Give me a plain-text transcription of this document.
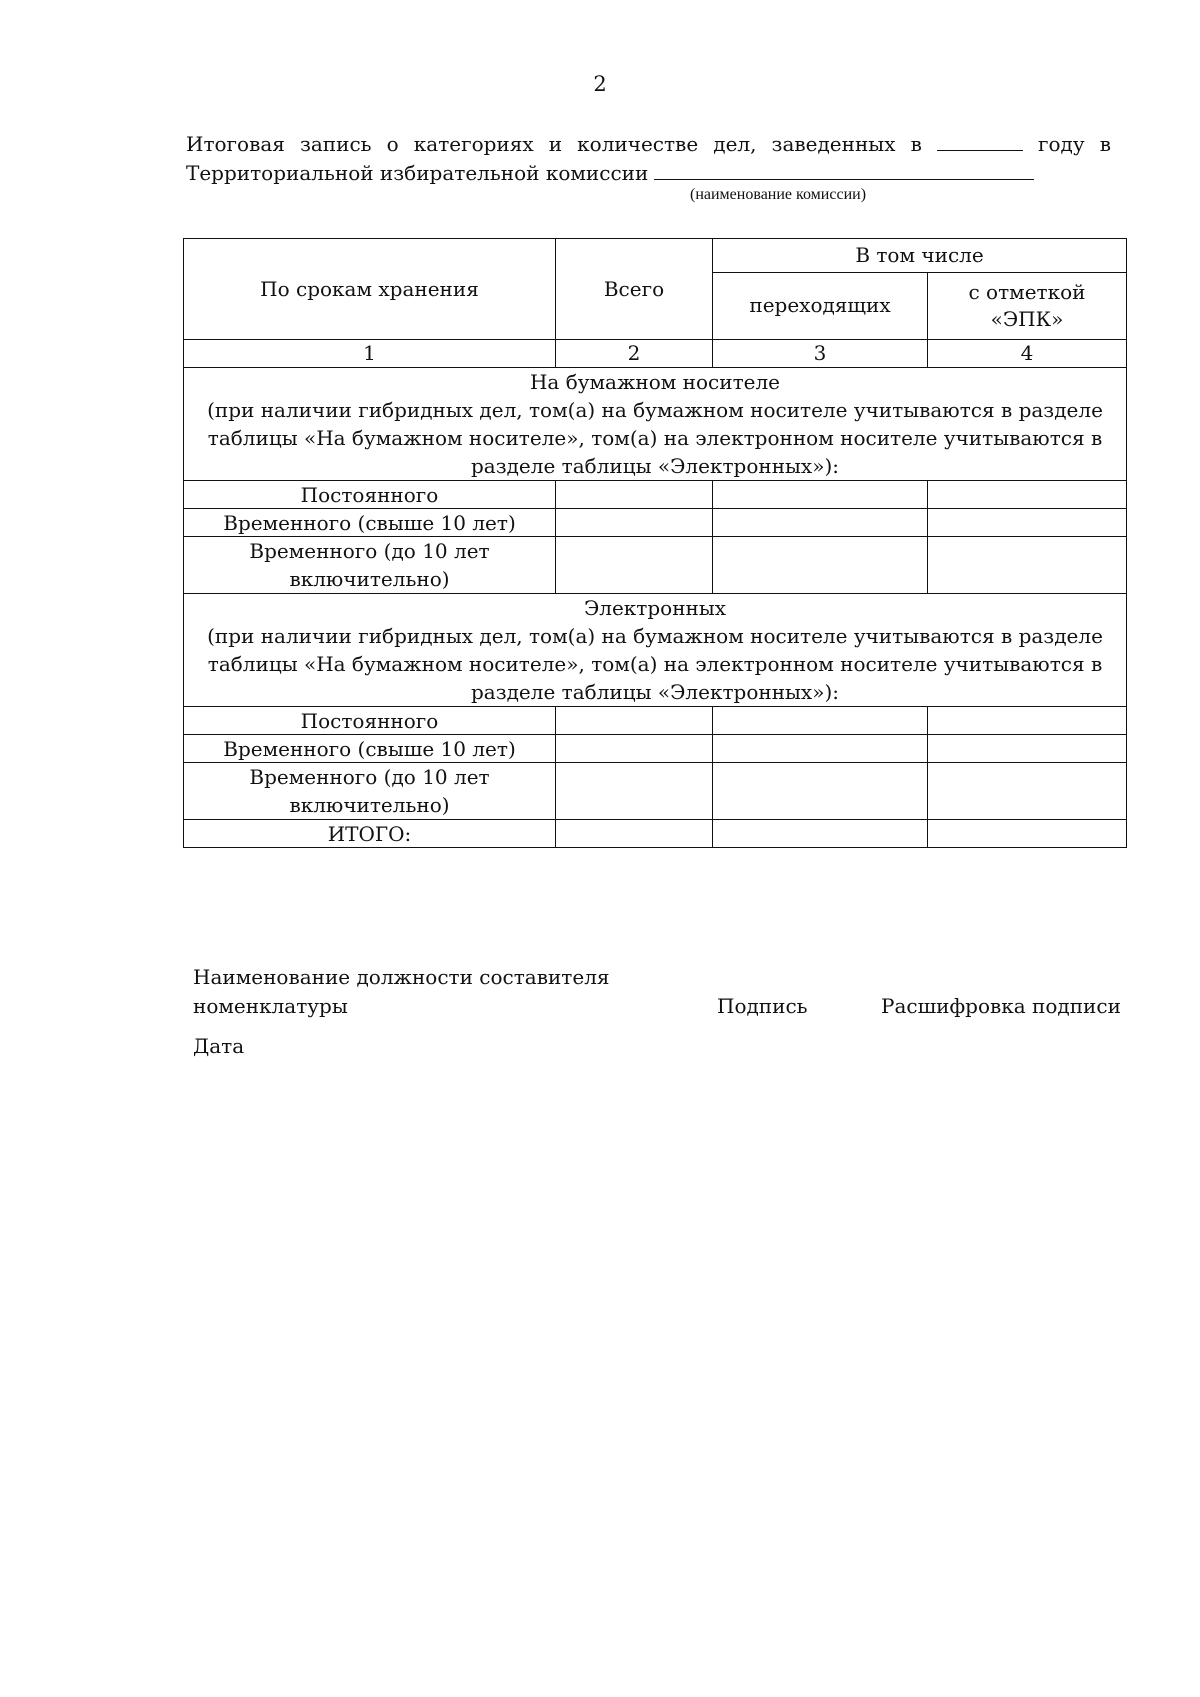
2
Итоговая запись о категориях и количестве дел, заведенных в	году в
Территориальной избирательной комиссии
(наименование комиссии)
По срокам хранения	Всего	В том числе	
		переходящих	с отметкой
«ЭПК»
1	2	3	4
На бумажном носителе
(при наличии гибридных дел, том(а) на бумажном носителе учитываются в разделе
таблицы «На бумажном носителе», том(а) на электронном носителе учитываются в
разделе таблицы «Электронных»):			
Постоянного			
Временного (свыше 10 лет)			
Временного (до 10 лет
включительно)			
Электронных
(при наличии гибридных дел, том(а) на бумажном носителе учитываются в разделе
таблицы «На бумажном носителе», том(а) на электронном носителе учитываются в
разделе таблицы «Электронных»):			
Постоянного			
Временного (свыше 10 лет)			
Временного (до 10 лет
включительно)			
ИТОГО:			
Наименование должности составителя
номенклатуры	Подпись	Расшифровка подписи
Дата
